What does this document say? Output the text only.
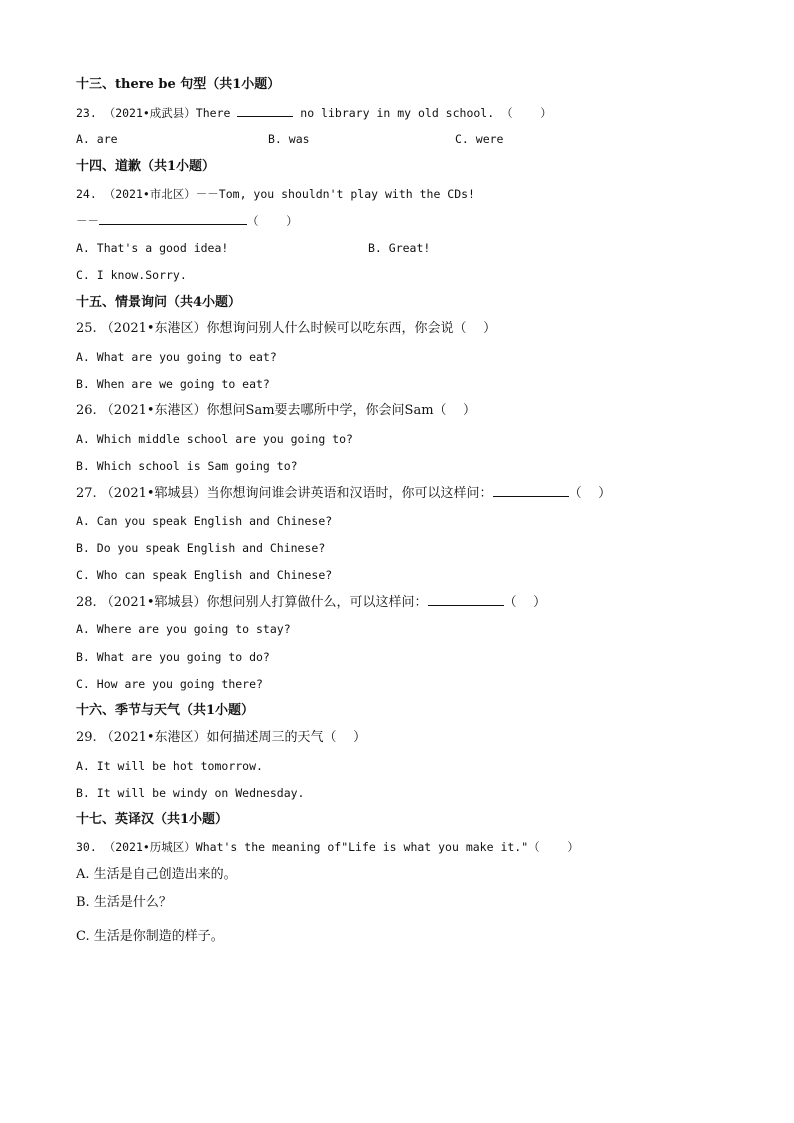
十三、there be 句型（共1小题）
23. （2021•成武县）There	no library in my old school. （    ）
A. are	B. was	C. were
十四、道歉（共1小题）
24. （2021•市北区）－－Tom, you shouldn't play with the CDs!
－－	（    ）
A. That's a good idea!	B. Great!
C. I know.Sorry.
十五、情景询问（共4小题）
25. （2021•东港区）你想询问别人什么时候可以吃东西，你会说（    ）
A. What are you going to eat?
B. When are we going to eat?
26. （2021•东港区）你想问Sam要去哪所中学，你会问Sam（    ）
A. Which middle school are you going to?
B. Which school is Sam going to?
27. （2021•郓城县）当你想询问谁会讲英语和汉语时，你可以这样问：	（    ）
A. Can you speak English and Chinese?
B. Do you speak English and Chinese?
C. Who can speak English and Chinese?
28. （2021•郓城县）你想问别人打算做什么，可以这样问：	（    ）
A. Where are you going to stay?
B. What are you going to do?
C. How are you going there?
十六、季节与天气（共1小题）
29. （2021•东港区）如何描述周三的天气（    ）
A. It will be hot tomorrow.
B. It will be windy on Wednesday.
十七、英译汉（共1小题）
30. （2021•历城区）What's the meaning of"Life is what you make it."（    ）
A. 生活是自己创造出来的。
B. 生活是什么？
C. 生活是你制造的样子。
